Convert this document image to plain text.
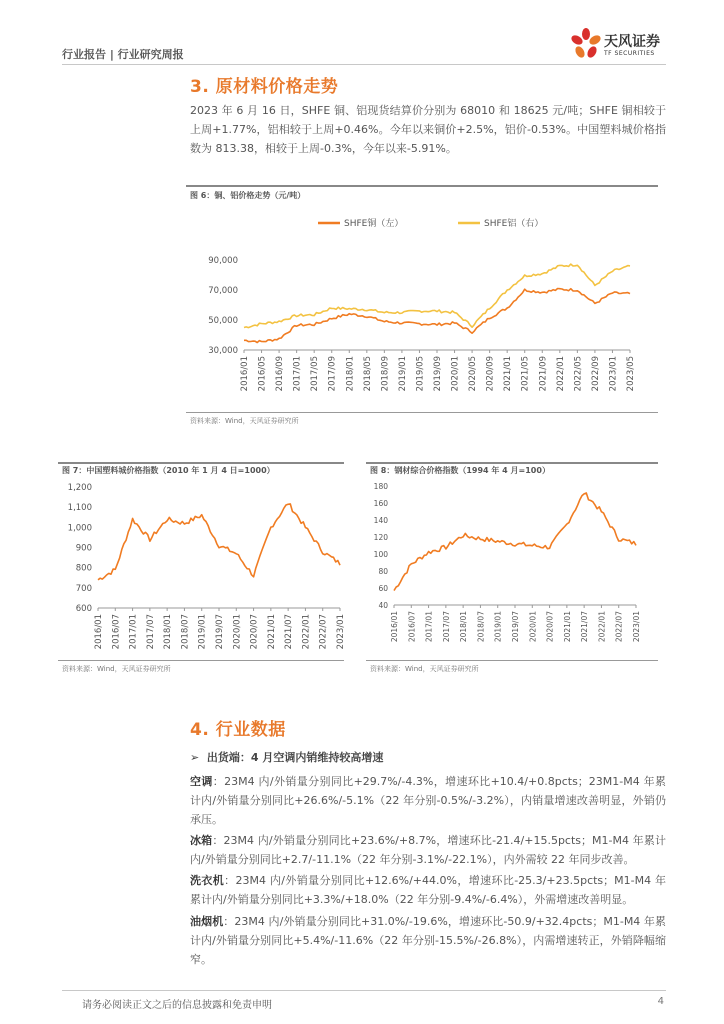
行业报告 | 行业研究周报
天风证券
TF SECURITIES
3. 原材料价格走势
2023 年 6 月 16 日，SHFE 铜、铝现货结算价分别为 68010 和 18625 元/吨；SHFE 铜相较于上周+1.77%，铝相较于上周+0.46%。今年以来铜价+2.5%，铝价-0.53%。中国塑料城价格指数为 813.38，相较于上周-0.3%，今年以来-5.91%。
图 6：铜、铝价格走势（元/吨）
SHFE铜（左）	SHFE铝（右）
30,000
50,000
70,000
90,000
2016/01 2016/05 2016/09 2017/01 2017/05 2017/09 2018/01 2018/05 2018/09 2019/01 2019/05 2019/09 2020/01 2020/05 2020/09 2021/01 2021/05 2021/09 2022/01 2022/05 2022/09 2023/01 2023/05
资料来源：Wind，天风证券研究所
图 7：中国塑料城价格指数（2010 年 1 月 4 日=1000）
600
700
800
900
1,000
1,100
1,200
2016/01 2016/07 2017/01 2017/07 2018/01 2018/07 2019/01 2019/07 2020/01 2020/07 2021/01 2021/07 2022/01 2022/07 2023/01
资料来源：Wind，天风证券研究所
图 8：钢材综合价格指数（1994 年 4 月=100）
40
60
80
100
120
140
160
180
2016/01 2016/07 2017/01 2017/07 2018/01 2018/07 2019/01 2019/07 2020/01 2020/07 2021/01 2021/07 2022/01 2022/07 2023/01
资料来源：Wind，天风证券研究所
4. 行业数据
➢  出货端：4 月空调内销维持较高增速
空调：23M4 内/外销量分别同比+29.7%/-4.3%，增速环比+10.4/+0.8pcts；23M1-M4 年累计内/外销量分别同比+26.6%/-5.1%（22 年分别-0.5%/-3.2%），内销量增速改善明显，外销仍承压。
冰箱：23M4 内/外销量分别同比+23.6%/+8.7%，增速环比-21.4/+15.5pcts；M1-M4 年累计内/外销量分别同比+2.7/-11.1%（22 年分别-3.1%/-22.1%），内外需较 22 年同步改善。
洗衣机：23M4 内/外销量分别同比+12.6%/+44.0%，增速环比-25.3/+23.5pcts；M1-M4 年累计内/外销量分别同比+3.3%/+18.0%（22 年分别-9.4%/-6.4%），外需增速改善明显。
油烟机：23M4 内/外销量分别同比+31.0%/-19.6%，增速环比-50.9/+32.4pcts；M1-M4 年累计内/外销量分别同比+5.4%/-11.6%（22 年分别-15.5%/-26.8%），内需增速转正，外销降幅缩窄。
请务必阅读正文之后的信息披露和免责申明	4
